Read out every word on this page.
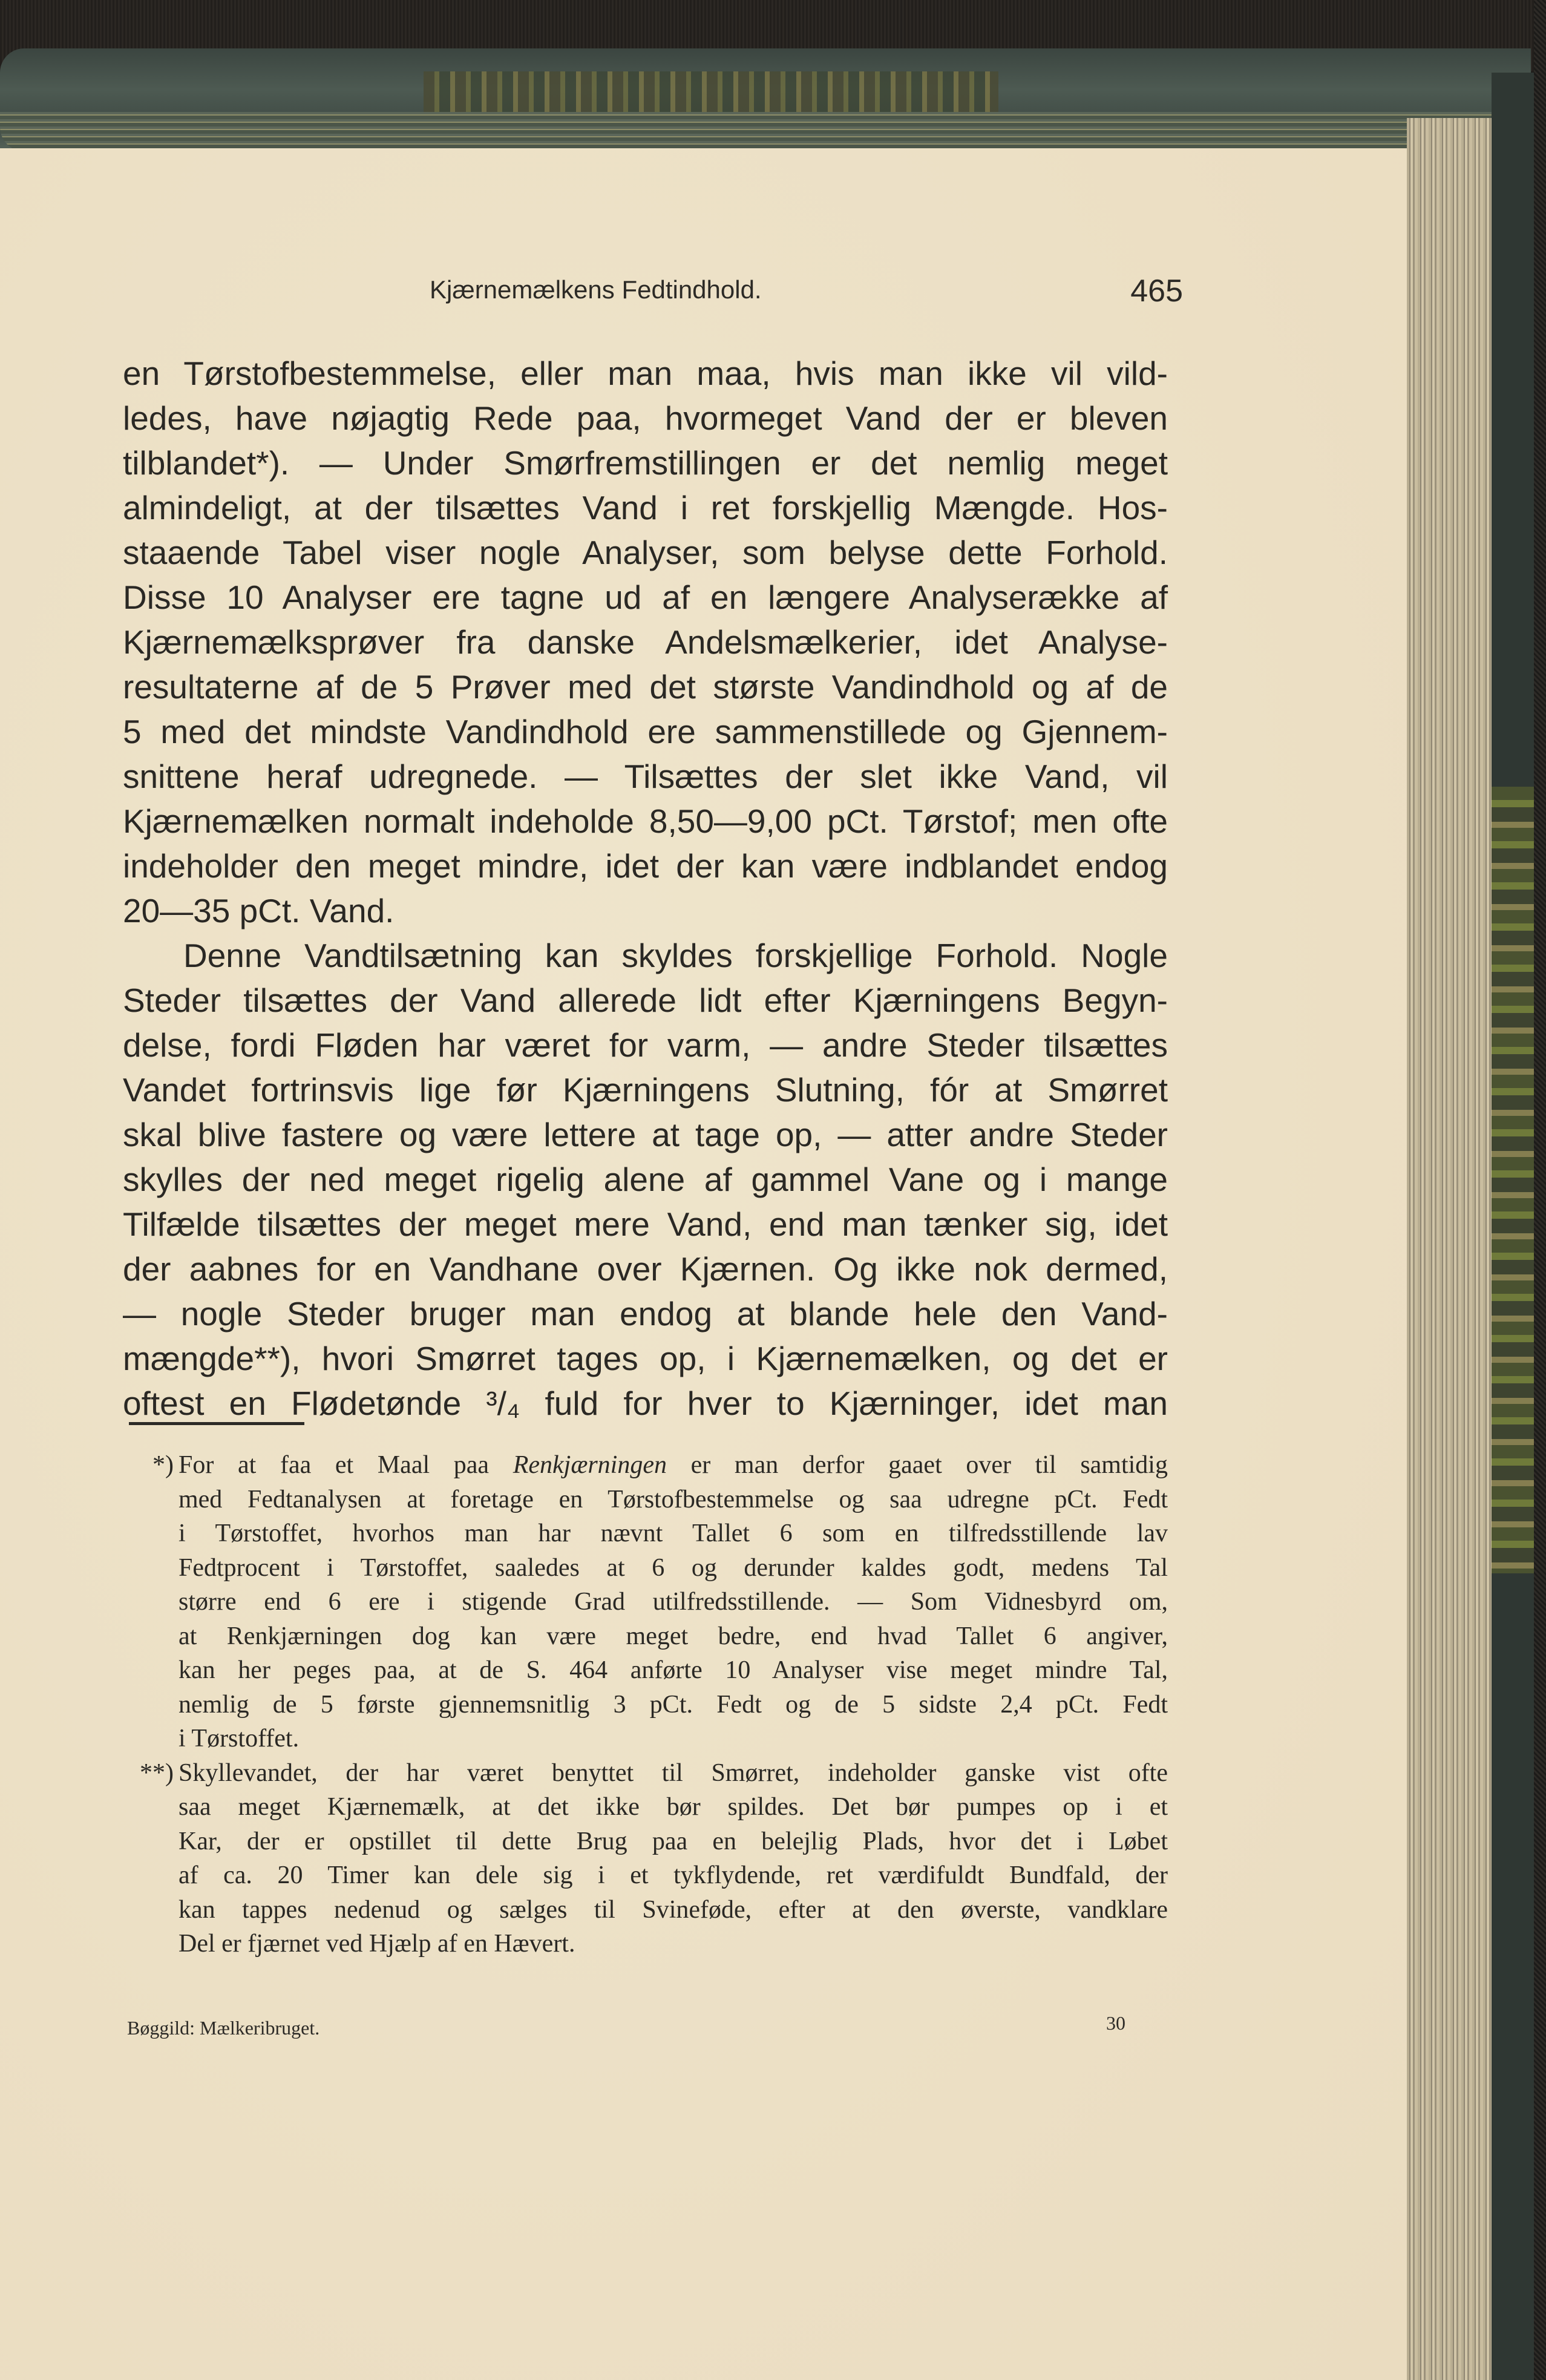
Kjærnemælkens Fedtindhold.	465
en Tørstofbestemmelse, eller man maa, hvis man ikke vil vild-
ledes, have nøjagtig Rede paa, hvormeget Vand der er bleven
tilblandet*). — Under Smørfremstillingen er det nemlig meget
almindeligt, at der tilsættes Vand i ret forskjellig Mængde. Hos-
staaende Tabel viser nogle Analyser, som belyse dette Forhold.
Disse 10 Analyser ere tagne ud af en længere Analyserække af
Kjærnemælksprøver fra danske Andelsmælkerier, idet Analyse-
resultaterne af de 5 Prøver med det største Vandindhold og af de
5 med det mindste Vandindhold ere sammenstillede og Gjennem-
snittene heraf udregnede. — Tilsættes der slet ikke Vand, vil
Kjærnemælken normalt indeholde 8,50—9,00 pCt. Tørstof; men ofte
indeholder den meget mindre, idet der kan være indblandet endog
20—35 pCt. Vand.
Denne Vandtilsætning kan skyldes forskjellige Forhold. Nogle
Steder tilsættes der Vand allerede lidt efter Kjærningens Begyn-
delse, fordi Fløden har været for varm, — andre Steder tilsættes
Vandet fortrinsvis lige før Kjærningens Slutning, fór at Smørret
skal blive fastere og være lettere at tage op, — atter andre Steder
skylles der ned meget rigelig alene af gammel Vane og i mange
Tilfælde tilsættes der meget mere Vand, end man tænker sig, idet
der aabnes for en Vandhane over Kjærnen. Og ikke nok dermed,
— nogle Steder bruger man endog at blande hele den Vand-
mængde**), hvori Smørret tages op, i Kjærnemælken, og det er
oftest en Flødetønde ³/₄ fuld for hver to Kjærninger, idet man
*) For at faa et Maal paa Renkjærningen er man derfor gaaet over til samtidig
med Fedtanalysen at foretage en Tørstofbestemmelse og saa udregne pCt. Fedt
i Tørstoffet, hvorhos man har nævnt Tallet 6 som en tilfredsstillende lav
Fedtprocent i Tørstoffet, saaledes at 6 og derunder kaldes godt, medens Tal
større end 6 ere i stigende Grad utilfredsstillende. — Som Vidnesbyrd om,
at Renkjærningen dog kan være meget bedre, end hvad Tallet 6 angiver,
kan her peges paa, at de S. 464 anførte 10 Analyser vise meget mindre Tal,
nemlig de 5 første gjennemsnitlig 3 pCt. Fedt og de 5 sidste 2,4 pCt. Fedt
i Tørstoffet.
**) Skyllevandet, der har været benyttet til Smørret, indeholder ganske vist ofte
saa meget Kjærnemælk, at det ikke bør spildes. Det bør pumpes op i et
Kar, der er opstillet til dette Brug paa en belejlig Plads, hvor det i Løbet
af ca. 20 Timer kan dele sig i et tykflydende, ret værdifuldt Bundfald, der
kan tappes nedenud og sælges til Svineføde, efter at den øverste, vandklare
Del er fjærnet ved Hjælp af en Hævert.
Bøggild: Mælkeribruget.	30
